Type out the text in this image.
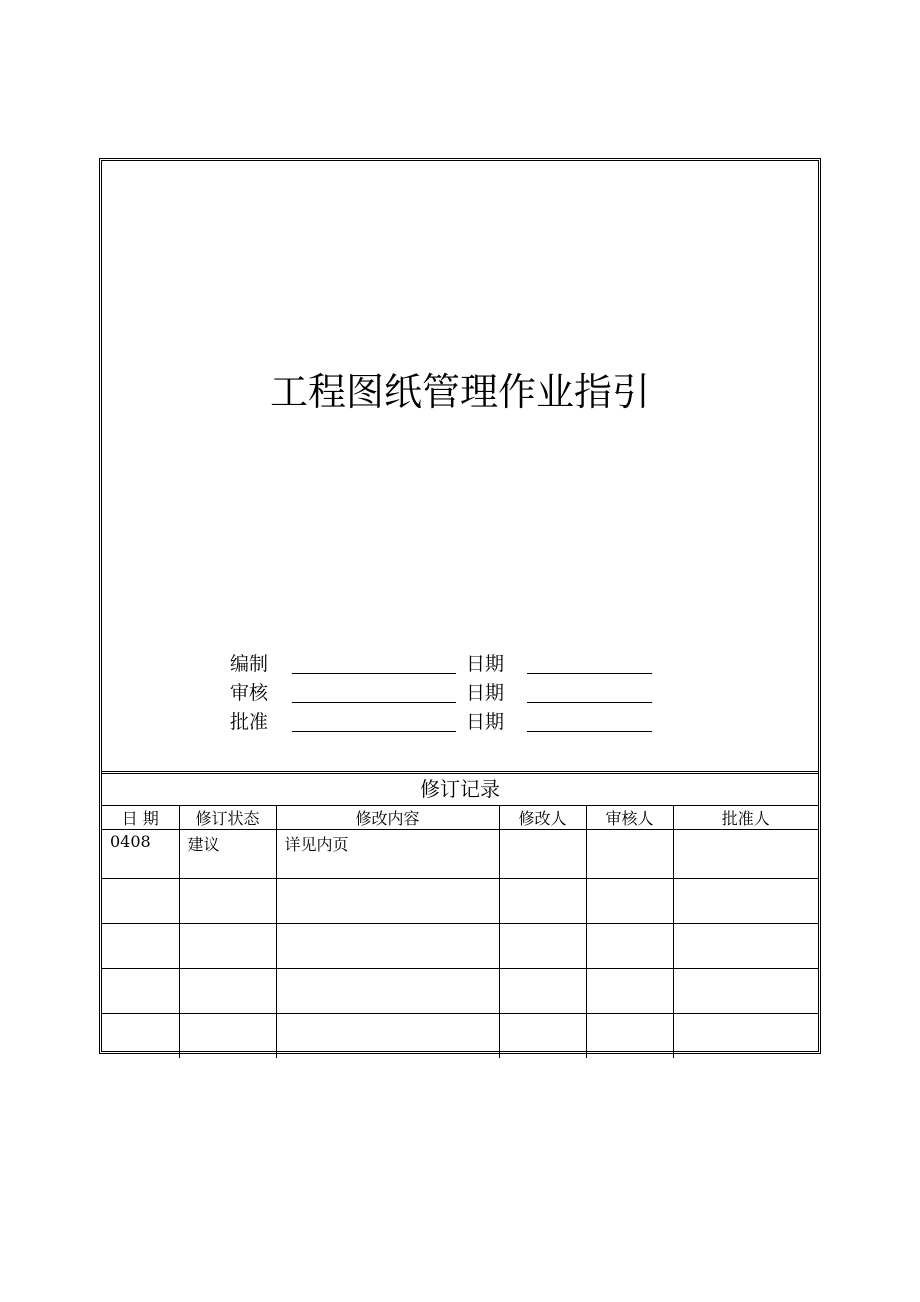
工程图纸管理作业指引
编制	日期
审核	日期
批准	日期
修订记录
日 期	修订状态	修改内容	修改人	审核人	批准人
0408	建议	详见内页			
